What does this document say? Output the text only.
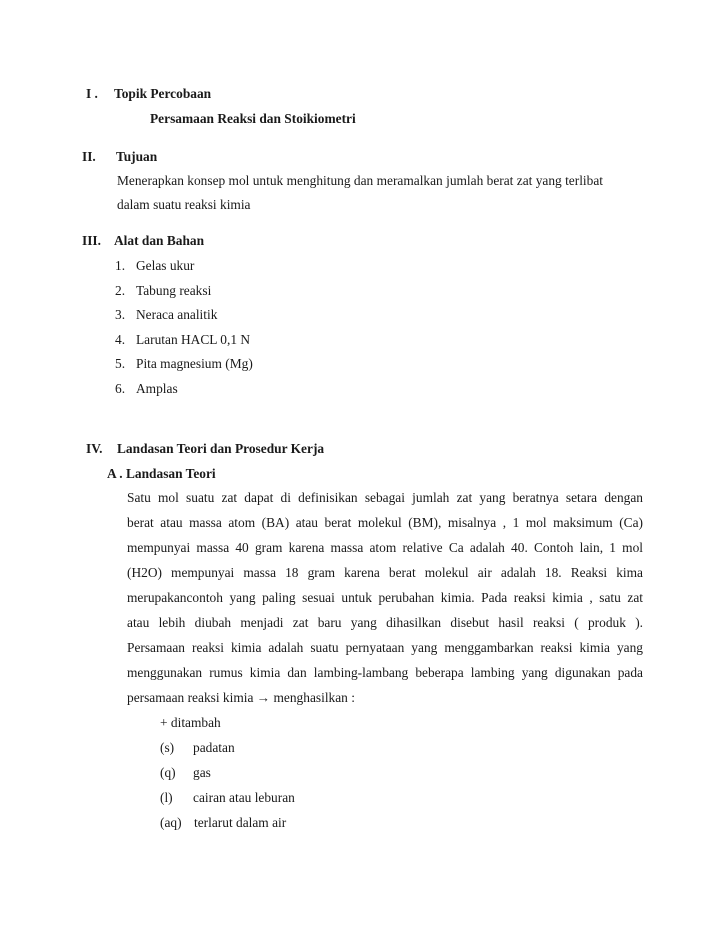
I . Topik Percobaan
Persamaan Reaksi dan Stoikiometri
II. Tujuan
Menerapkan konsep mol untuk menghitung dan meramalkan jumlah berat zat yang terlibat
dalam suatu reaksi kimia
III. Alat dan Bahan
1. Gelas ukur
2. Tabung reaksi
3. Neraca analitik
4. Larutan HACL 0,1 N
5. Pita magnesium (Mg)
6. Amplas
IV. Landasan Teori dan Prosedur Kerja
A . Landasan Teori
Satu mol suatu zat dapat di definisikan sebagai jumlah zat yang beratnya setara dengan
berat atau massa atom (BA) atau berat molekul (BM), misalnya , 1 mol maksimum (Ca)
mempunyai massa 40 gram karena massa atom relative Ca adalah 40. Contoh lain, 1 mol
(H2O) mempunyai massa 18 gram karena berat molekul air adalah 18. Reaksi kima
merupakancontoh yang paling sesuai untuk perubahan kimia. Pada reaksi kimia , satu zat
atau lebih diubah menjadi zat baru yang dihasilkan disebut hasil reaksi ( produk ).
Persamaan reaksi kimia adalah suatu pernyataan yang menggambarkan reaksi kimia yang
menggunakan rumus kimia dan lambing-lambang beberapa lambing yang digunakan pada
persamaan reaksi kimia → menghasilkan :
+ ditambah
(s) padatan
(q) gas
(l) cairan atau leburan
(aq) terlarut dalam air
